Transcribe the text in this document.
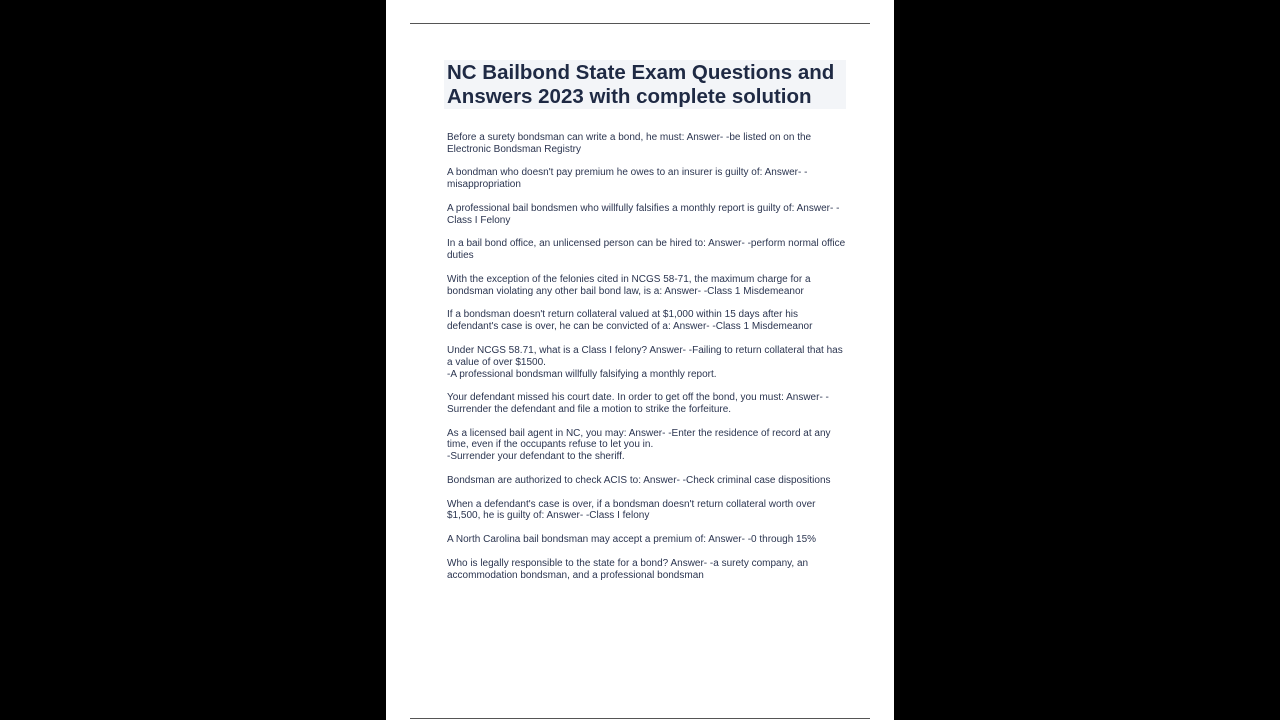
NC Bailbond State Exam Questions and Answers 2023 with complete solution

Before a surety bondsman can write a bond, he must: Answer- -be listed on on the Electronic Bondsman Registry

A bondman who doesn't pay premium he owes to an insurer is guilty of: Answer- -misappropriation

A professional bail bondsmen who willfully falsifies a monthly report is guilty of: Answer- -Class I Felony

In a bail bond office, an unlicensed person can be hired to: Answer- -perform normal office duties

With the exception of the felonies cited in NCGS 58-71, the maximum charge for a bondsman violating any other bail bond law, is a: Answer- -Class 1 Misdemeanor

If a bondsman doesn't return collateral valued at $1,000 within 15 days after his defendant's case is over, he can be convicted of a: Answer- -Class 1 Misdemeanor

Under NCGS 58.71, what is a Class I felony? Answer- -Failing to return collateral that has a value of over $1500.
-A professional bondsman willfully falsifying a monthly report.

Your defendant missed his court date. In order to get off the bond, you must: Answer- -Surrender the defendant and file a motion to strike the forfeiture.

As a licensed bail agent in NC, you may: Answer- -Enter the residence of record at any time, even if the occupants refuse to let you in.
-Surrender your defendant to the sheriff.

Bondsman are authorized to check ACIS to: Answer- -Check criminal case dispositions

When a defendant's case is over, if a bondsman doesn't return collateral worth over $1,500, he is guilty of: Answer- -Class I felony

A North Carolina bail bondsman may accept a premium of: Answer- -0 through 15%

Who is legally responsible to the state for a bond? Answer- -a surety company, an accommodation bondsman, and a professional bondsman
